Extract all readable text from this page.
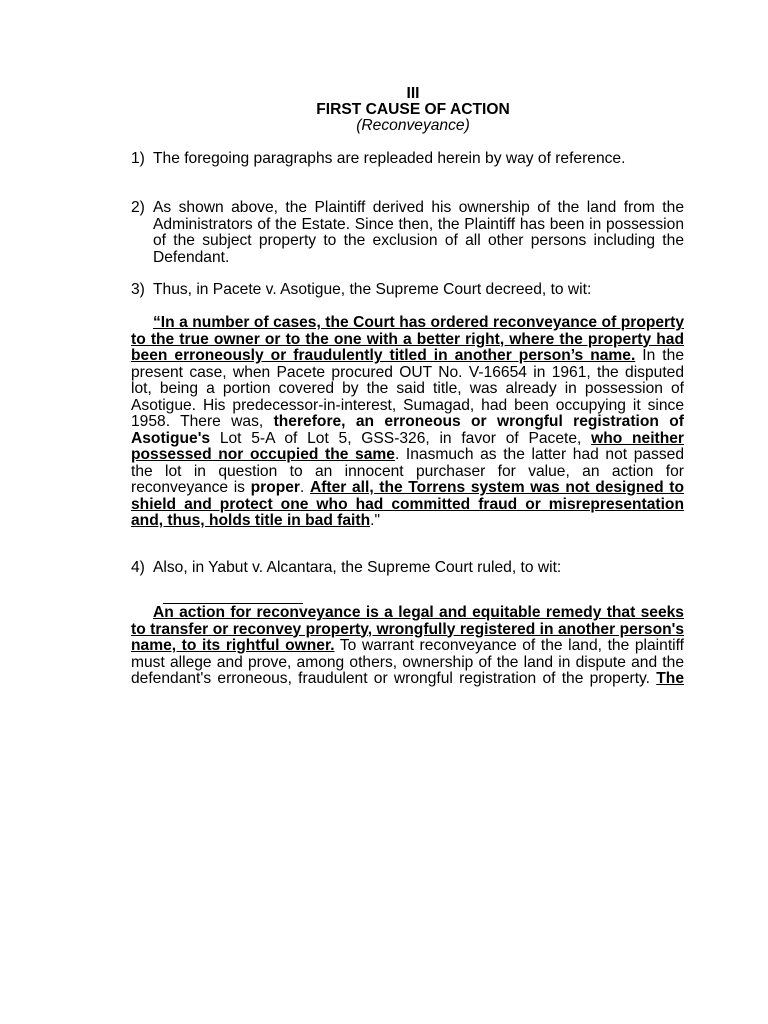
III
FIRST CAUSE OF ACTION
(Reconveyance)
1) The foregoing paragraphs are repleaded herein by way of reference.
2) As shown above, the Plaintiff derived his ownership of the land from the Administrators of the Estate. Since then, the Plaintiff has been in possession of the subject property to the exclusion of all other persons including the Defendant.
3) Thus, in Pacete v. Asotigue, the Supreme Court decreed, to wit:
“In a number of cases, the Court has ordered reconveyance of property to the true owner or to the one with a better right, where the property had been erroneously or fraudulently titled in another person’s name. In the present case, when Pacete procured OUT No. V-16654 in 1961, the disputed lot, being a portion covered by the said title, was already in possession of Asotigue. His predecessor-in-interest, Sumagad, had been occupying it since 1958. There was, therefore, an erroneous or wrongful registration of Asotigue's Lot 5-A of Lot 5, GSS-326, in favor of Pacete, who neither possessed nor occupied the same. Inasmuch as the latter had not passed the lot in question to an innocent purchaser for value, an action for reconveyance is proper. After all, the Torrens system was not designed to shield and protect one who had committed fraud or misrepresentation and, thus, holds title in bad faith."
4) Also, in Yabut v. Alcantara, the Supreme Court ruled, to wit:
An action for reconveyance is a legal and equitable remedy that seeks to transfer or reconvey property, wrongfully registered in another person's name, to its rightful owner. To warrant reconveyance of the land, the plaintiff must allege and prove, among others, ownership of the land in dispute and the defendant's erroneous, fraudulent or wrongful registration of the property. The
